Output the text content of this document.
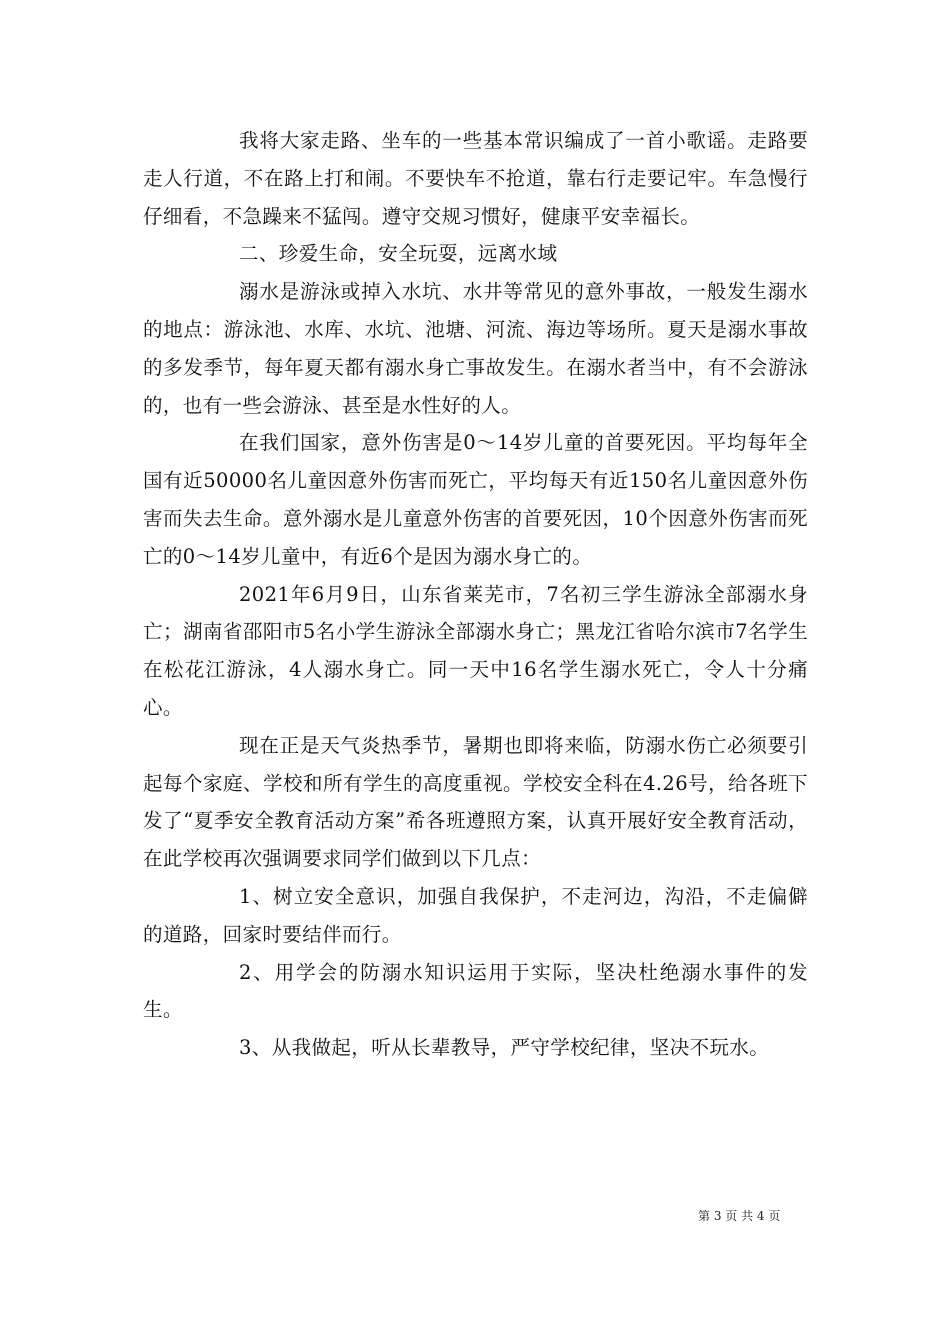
我将大家走路、坐车的一些基本常识编成了一首小歌谣。走路要走人行道，不在路上打和闹。不要快车不抢道，靠右行走要记牢。车急慢行仔细看，不急躁来不猛闯。遵守交规习惯好，健康平安幸福长。

二、珍爱生命，安全玩耍，远离水域

溺水是游泳或掉入水坑、水井等常见的意外事故，一般发生溺水的地点：游泳池、水库、水坑、池塘、河流、海边等场所。夏天是溺水事故的多发季节，每年夏天都有溺水身亡事故发生。在溺水者当中，有不会游泳的，也有一些会游泳、甚至是水性好的人。

在我们国家，意外伤害是0～14岁儿童的首要死因。平均每年全国有近50000名儿童因意外伤害而死亡，平均每天有近150名儿童因意外伤害而失去生命。意外溺水是儿童意外伤害的首要死因，10个因意外伤害而死亡的0～14岁儿童中，有近6个是因为溺水身亡的。

2021年6月9日，山东省莱芜市，7名初三学生游泳全部溺水身亡；湖南省邵阳市5名小学生游泳全部溺水身亡；黑龙江省哈尔滨市7名学生在松花江游泳，4人溺水身亡。同一天中16名学生溺水死亡，令人十分痛心。

现在正是天气炎热季节，暑期也即将来临，防溺水伤亡必须要引起每个家庭、学校和所有学生的高度重视。学校安全科在4.26号，给各班下发了“夏季安全教育活动方案”希各班遵照方案，认真开展好安全教育活动，在此学校再次强调要求同学们做到以下几点：

1、树立安全意识，加强自我保护，不走河边，沟沿，不走偏僻的道路，回家时要结伴而行。

2、用学会的防溺水知识运用于实际，坚决杜绝溺水事件的发生。

3、从我做起，听从长辈教导，严守学校纪律，坚决不玩水。

第 3 页 共 4 页
